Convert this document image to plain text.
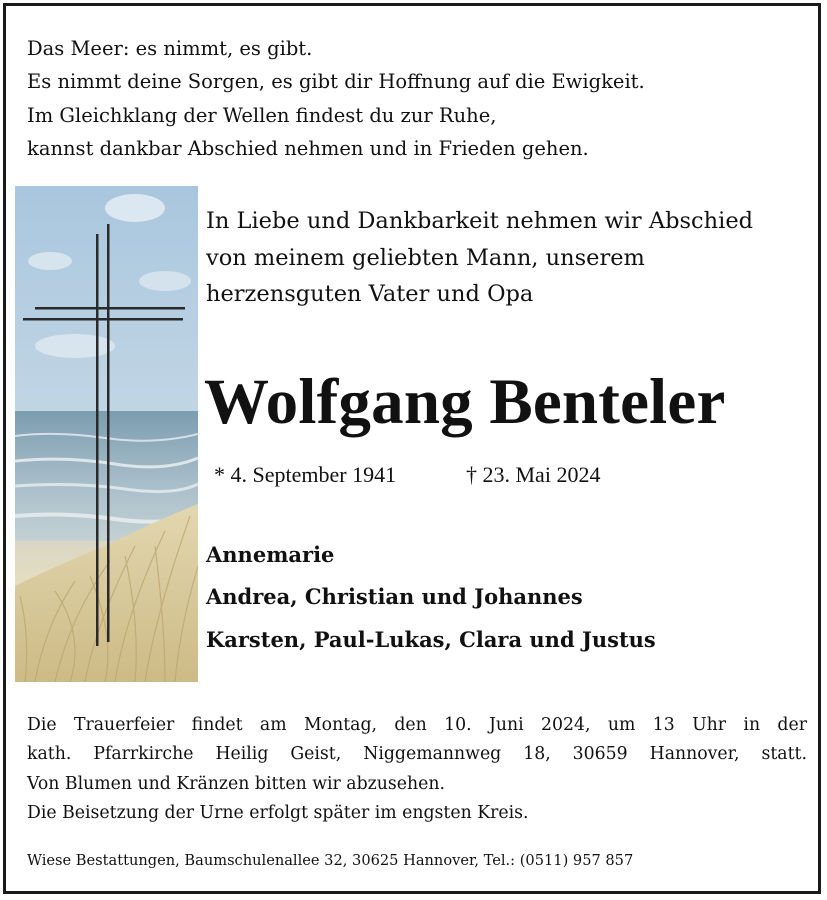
Das Meer: es nimmt, es gibt.
Es nimmt deine Sorgen, es gibt dir Hoffnung auf die Ewigkeit.
Im Gleichklang der Wellen findest du zur Ruhe,
kannst dankbar Abschied nehmen und in Frieden gehen.
In Liebe und Dankbarkeit nehmen wir Abschied
von meinem geliebten Mann, unserem
herzensguten Vater und Opa
Wolfgang Benteler
* 4. September 1941	† 23. Mai 2024
Annemarie
Andrea, Christian und Johannes
Karsten, Paul-Lukas, Clara und Justus
Die Trauerfeier findet am Montag, den 10. Juni 2024, um 13 Uhr in der
kath. Pfarrkirche Heilig Geist, Niggemannweg 18, 30659 Hannover, statt.
Von Blumen und Kränzen bitten wir abzusehen.
Die Beisetzung der Urne erfolgt später im engsten Kreis.
Wiese Bestattungen, Baumschulenallee 32, 30625 Hannover, Tel.: (0511) 957 857
